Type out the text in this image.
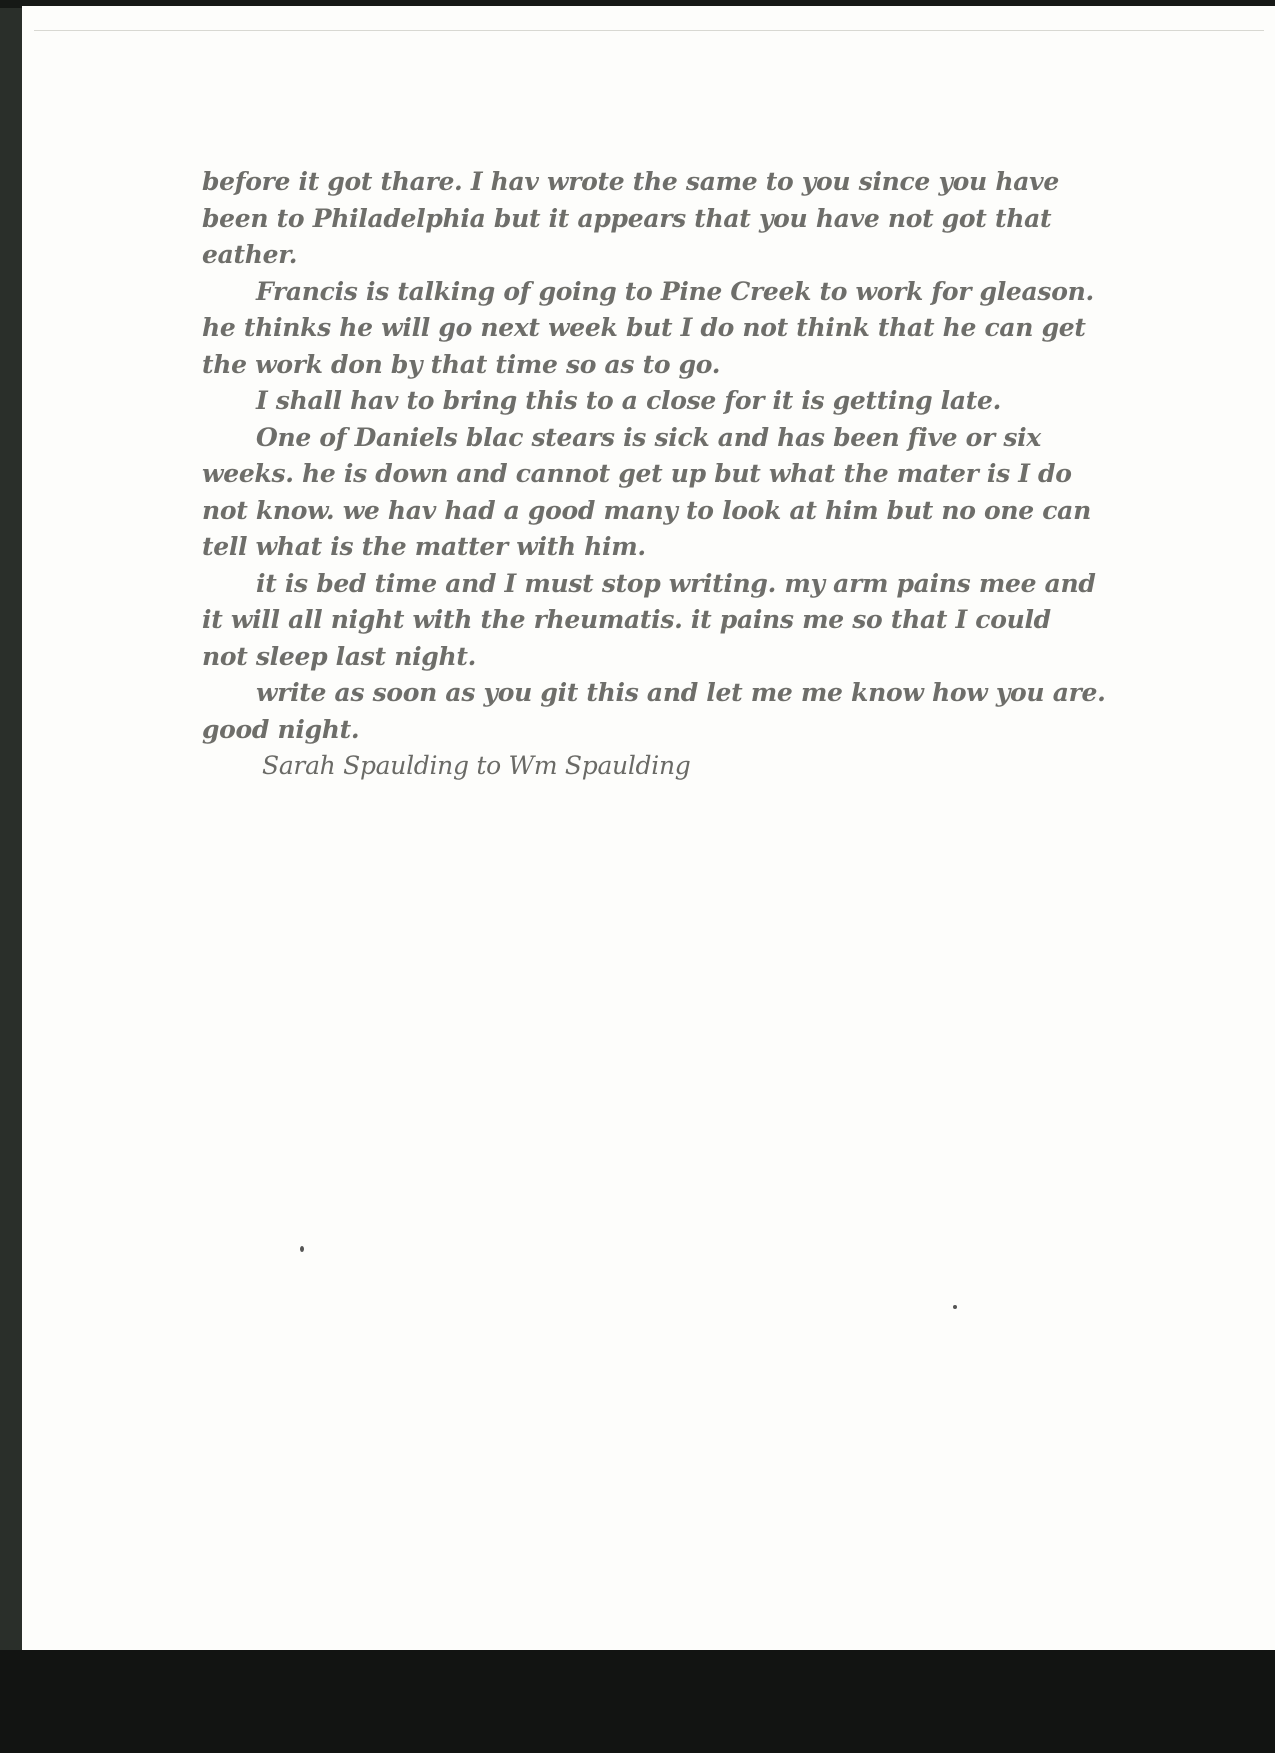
before it got thare. I hav wrote the same to you since you have
been to Philadelphia but it appears that you have not got that
eather.
Francis is talking of going to Pine Creek to work for gleason.
he thinks he will go next week but I do not think that he can get
the work don by that time so as to go.
I shall hav to bring this to a close for it is getting late.
One of Daniels blac stears is sick and has been five or six
weeks. he is down and cannot get up but what the mater is I do
not know. we hav had a good many to look at him but no one can
tell what is the matter with him.
it is bed time and I must stop writing. my arm pains mee and
it will all night with the rheumatis. it pains me so that I could
not sleep last night.
write as soon as you git this and let me me know how you are.
good night.
Sarah Spaulding to Wm Spaulding
